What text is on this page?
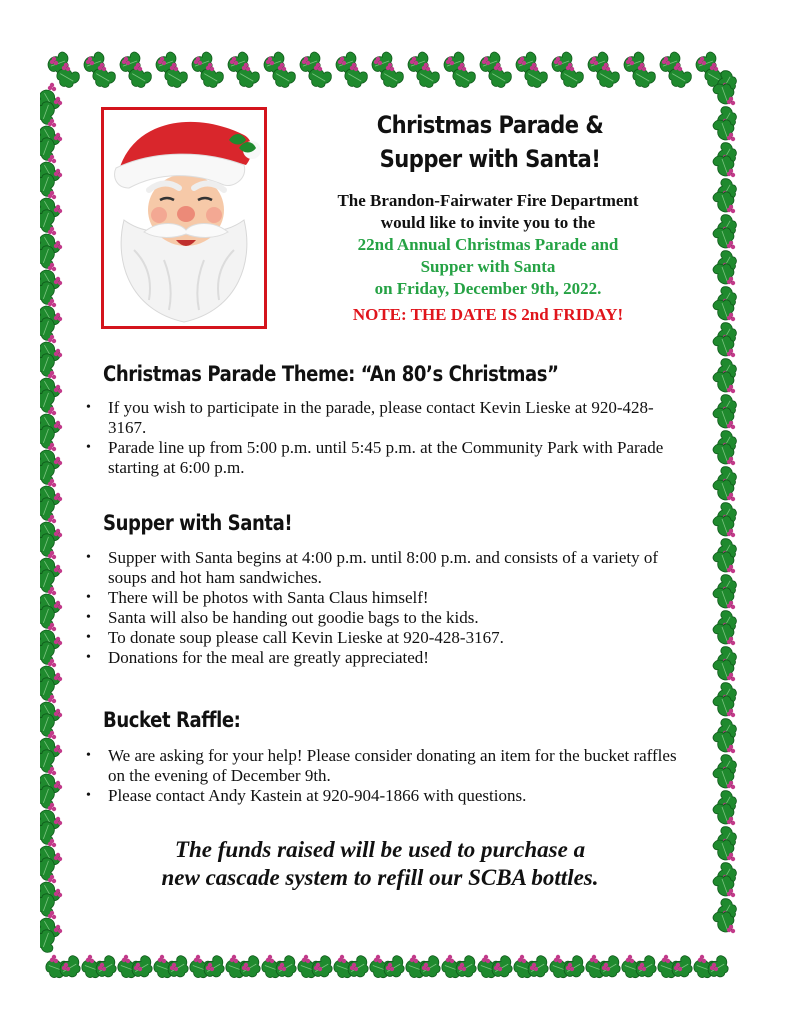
Christmas Parade &
Supper with Santa!
The Brandon-Fairwater Fire Department
would like to invite you to the
22nd Annual Christmas Parade and
Supper with Santa
on Friday, December 9th, 2022.
NOTE: THE DATE IS 2nd FRIDAY!
Christmas Parade Theme: “An 80’s Christmas”
• If you wish to participate in the parade, please contact Kevin Lieske at 920-428-3167.
• Parade line up from 5:00 p.m. until 5:45 p.m. at the Community Park with Parade starting at 6:00 p.m.
Supper with Santa!
• Supper with Santa begins at 4:00 p.m. until 8:00 p.m. and consists of a variety of soups and hot ham sandwiches.
• There will be photos with Santa Claus himself!
• Santa will also be handing out goodie bags to the kids.
• To donate soup please call Kevin Lieske at 920-428-3167.
• Donations for the meal are greatly appreciated!
Bucket Raffle:
• We are asking for your help! Please consider donating an item for the bucket raffles on the evening of December 9th.
• Please contact Andy Kastein at 920-904-1866 with questions.
The funds raised will be used to purchase a
new cascade system to refill our SCBA bottles.
